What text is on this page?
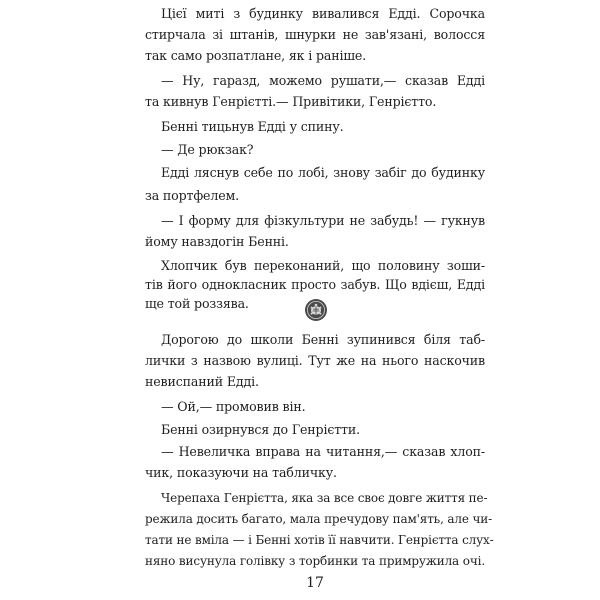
Цієї миті з будинку вивалився Едді. Сорочка
стирчала зі штанів, шнурки не зав'язані, волосся
так само розпатлане, як і раніше.
— Ну, гаразд, можемо рушати,— сказав Едді
та кивнув Генрієтті.— Привітики, Генрієтто.
Бенні тицьнув Едді у спину.
— Де рюкзак?
Едді ляснув себе по лобі, знову забіг до будинку
за портфелем.
— І форму для фізкультури не забудь! — гукнув
йому навздогін Бенні.
Хлопчик був переконаний, що половину зоши-
тів його однокласник просто забув. Що вдієш, Едді
ще той роззява.
Дорогою до школи Бенні зупинився біля таб-
лички з назвою вулиці. Тут же на нього наскочив
невиспаний Едді.
— Ой,— промовив він.
Бенні озирнувся до Генрієтти.
— Невеличка вправа на читання,— сказав хлоп-
чик, показуючи на табличку.
Черепаха Генрієтта, яка за все своє довге життя пе-
режила досить багато, мала пречудову пам'ять, але чи-
тати не вміла — і Бенні хотів її навчити. Генрієтта слух-
няно висунула голівку з торбинки та примружила очі.
17
